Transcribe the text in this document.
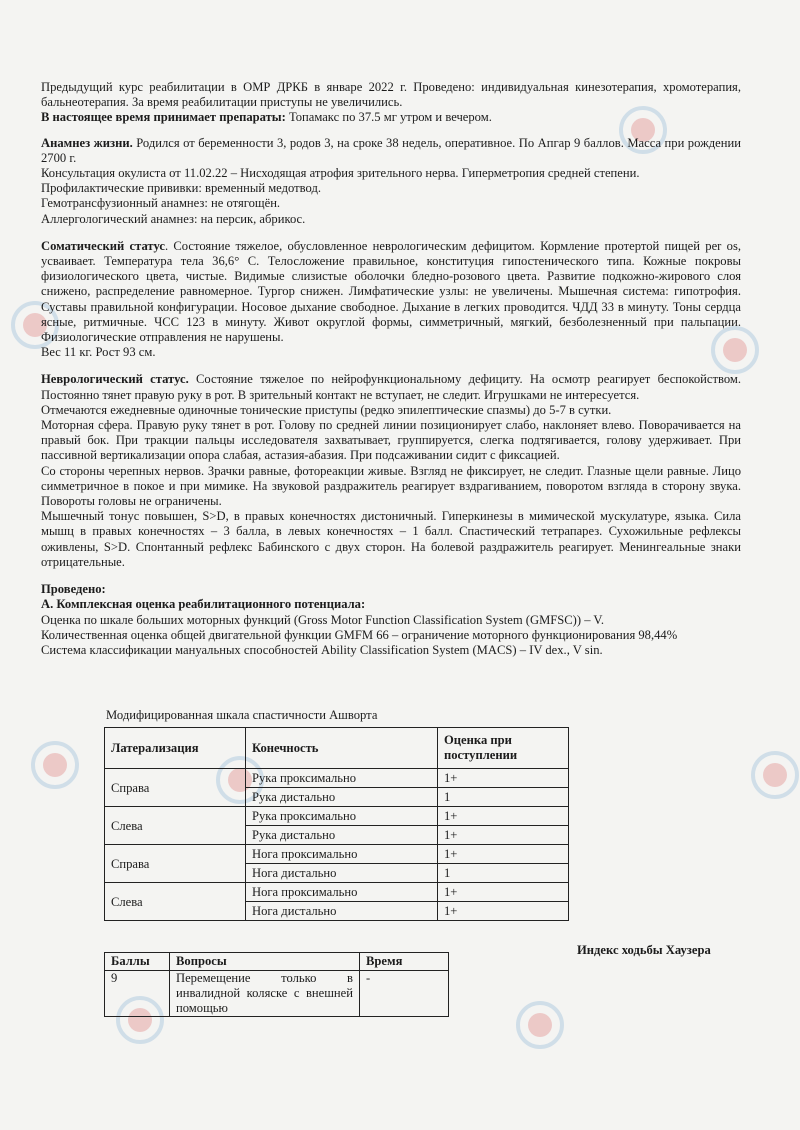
Предыдущий курс реабилитации в ОМР ДРКБ в январе 2022 г. Проведено: индивидуальная кинезотерапия, хромотерапия, бальнеотерапия. За время реабилитации приступы не увеличились.

В настоящее время принимает препараты: Топамакс по 37.5 мг утром и вечером.

Анамнез жизни. Родился от беременности 3, родов 3, на сроке 38 недель, оперативное. По Апгар 9 баллов. Масса при рождении 2700 г.

Консультация окулиста от 11.02.22 – Нисходящая атрофия зрительного нерва. Гиперметропия средней степени.

Профилактические прививки: временный медотвод.

Гемотрансфузионный анамнез: не отягощён.

Аллергологический анамнез: на персик, абрикос.

Соматический статус. Состояние тяжелое, обусловленное неврологическим дефицитом. Кормление протертой пищей per os, усваивает. Температура тела 36,6° С. Телосложение правильное, конституция гипостенического типа. Кожные покровы физиологического цвета, чистые. Видимые слизистые оболочки бледно-розового цвета. Развитие подкожно-жирового слоя снижено, распределение равномерное. Тургор снижен. Лимфатические узлы: не увеличены. Мышечная система: гипотрофия. Суставы правильной конфигурации. Носовое дыхание свободное. Дыхание в легких проводится. ЧДД 33 в минуту. Тоны сердца ясные, ритмичные. ЧСС 123 в минуту. Живот округлой формы, симметричный, мягкий, безболезненный при пальпации. Физиологические отправления не нарушены.

Вес 11 кг. Рост 93 см.

Неврологический статус. Состояние тяжелое по нейрофункциональному дефициту. На осмотр реагирует беспокойством. Постоянно тянет правую руку в рот. В зрительный контакт не вступает, не следит. Игрушками не интересуется.

Отмечаются ежедневные одиночные тонические приступы (редко эпилептические спазмы) до 5-7 в сутки.

Моторная сфера. Правую руку тянет в рот. Голову по средней линии позиционирует слабо, наклоняет влево. Поворачивается на правый бок. При тракции пальцы исследователя захватывает, группируется, слегка подтягивается, голову удерживает. При пассивной вертикализации опора слабая, астазия-абазия. При подсаживании сидит с фиксацией.

Со стороны черепных нервов. Зрачки равные, фотореакции живые. Взгляд не фиксирует, не следит. Глазные щели равные. Лицо симметричное в покое и при мимике. На звуковой раздражитель реагирует вздрагиванием, поворотом взгляда в сторону звука. Повороты головы не ограничены.

Мышечный тонус повышен, S>D, в правых конечностях дистоничный. Гиперкинезы в мимической мускулатуре, языка. Сила мышц в правых конечностях – 3 балла, в левых конечностях – 1 балл. Спастический тетрапарез. Сухожильные рефлексы оживлены, S>D. Спонтанный рефлекс Бабинского с двух сторон. На болевой раздражитель реагирует. Менингеальные знаки отрицательные.

Проведено:

А. Комплексная оценка реабилитационного потенциала:

Оценка по шкале больших моторных функций (Gross Motor Function Classification System (GMFSC)) – V.

Количественная оценка общей двигательной функции GMFM 66 – ограничение моторного функционирования 98,44%

Система классификации мануальных способностей Ability Classification System (MACS) – IV dex., V sin.

Модифицированная шкала спастичности Ашворта
Латерализация	Конечность	Оценка при поступлении
Справа	Рука проксимально	1+
	Рука дистально	1
Слева	Рука проксимально	1+
	Рука дистально	1+
Справа	Нога проксимально	1+
	Нога дистально	1
Слева	Нога проксимально	1+
	Нога дистально	1+
Индекс ходьбы Хаузера
Баллы	Вопросы	Время
9	Перемещение только в инвалидной коляске с внешней помощью	-
